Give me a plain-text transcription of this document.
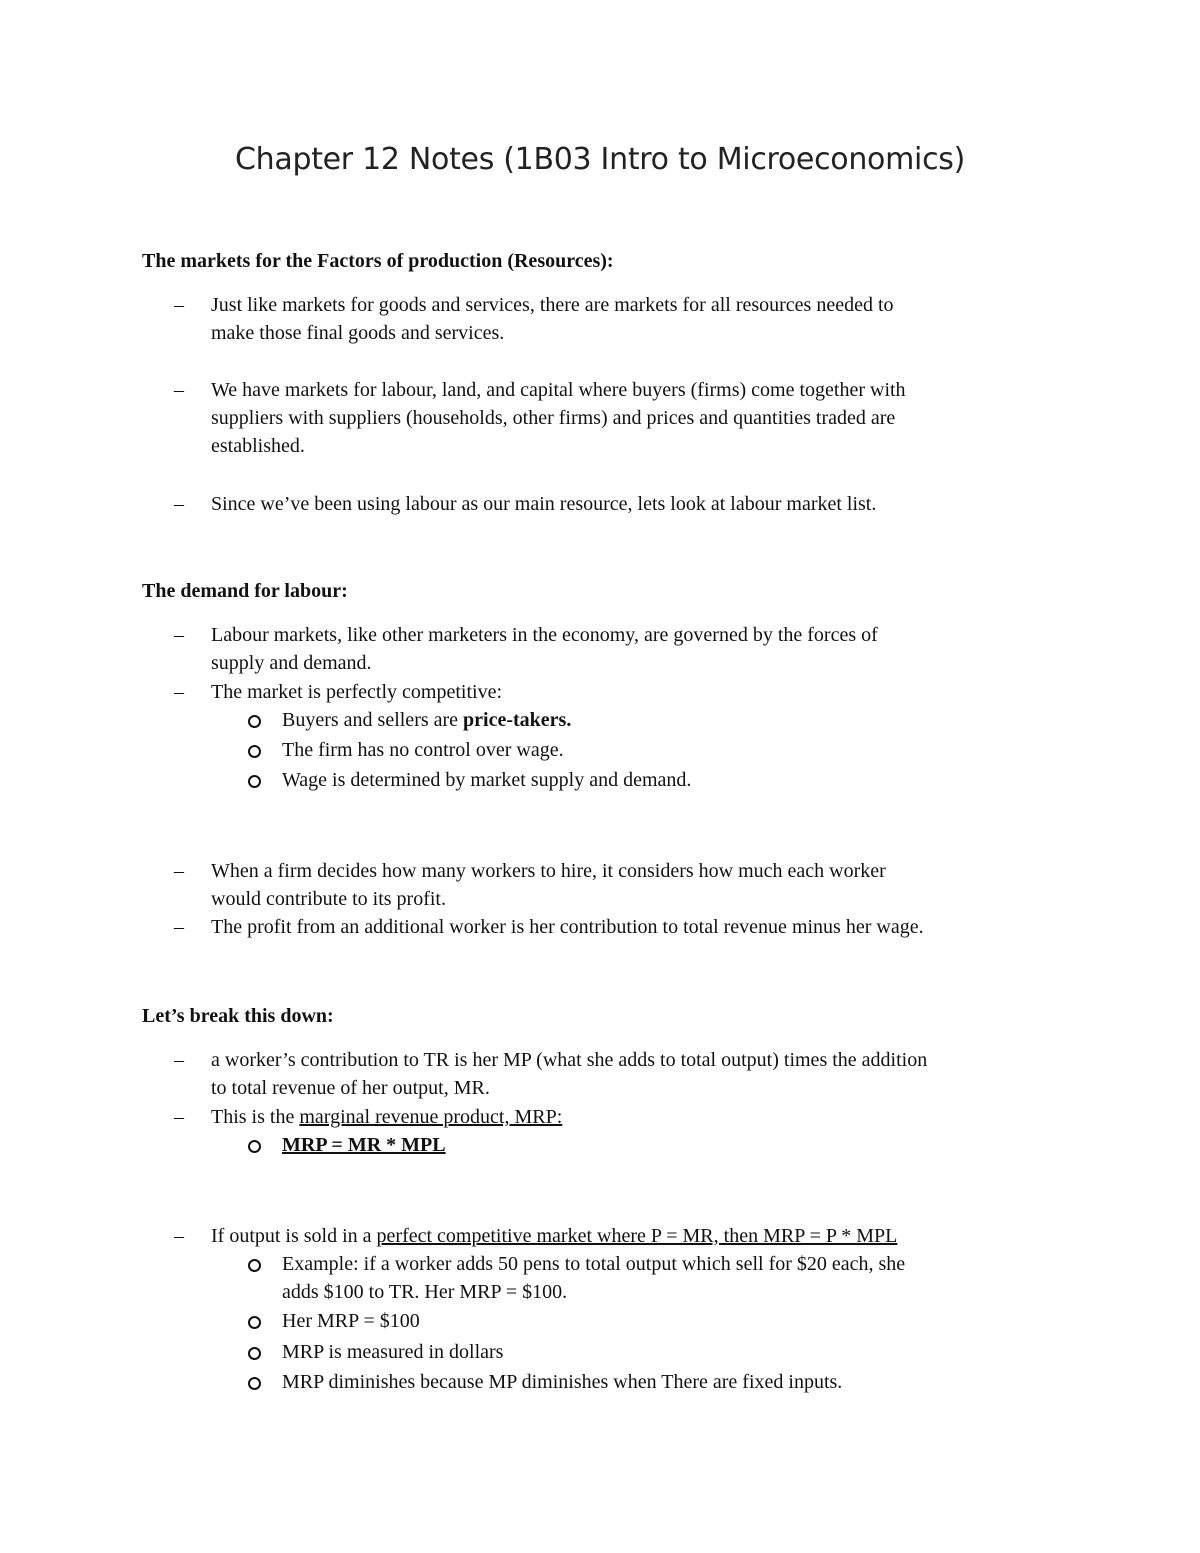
Chapter 12 Notes (1B03 Intro to Microeconomics)
The markets for the Factors of production (Resources):
– Just like markets for goods and services, there are markets for all resources needed to
make those final goods and services.
– We have markets for labour, land, and capital where buyers (firms) come together with
suppliers with suppliers (households, other firms) and prices and quantities traded are
established.
– Since we’ve been using labour as our main resource, lets look at labour market list.
The demand for labour:
– Labour markets, like other marketers in the economy, are governed by the forces of
supply and demand.
– The market is perfectly competitive:
Buyers and sellers are price-takers.
The firm has no control over wage.
Wage is determined by market supply and demand.
– When a firm decides how many workers to hire, it considers how much each worker
would contribute to its profit.
– The profit from an additional worker is her contribution to total revenue minus her wage.
Let’s break this down:
– a worker’s contribution to TR is her MP (what she adds to total output) times the addition
to total revenue of her output, MR.
– This is the marginal revenue product, MRP:
MRP = MR * MPL
– If output is sold in a perfect competitive market where P = MR, then MRP = P * MPL
Example: if a worker adds 50 pens to total output which sell for $20 each, she
adds $100 to TR. Her MRP = $100.
Her MRP = $100
MRP is measured in dollars
MRP diminishes because MP diminishes when There are fixed inputs.
